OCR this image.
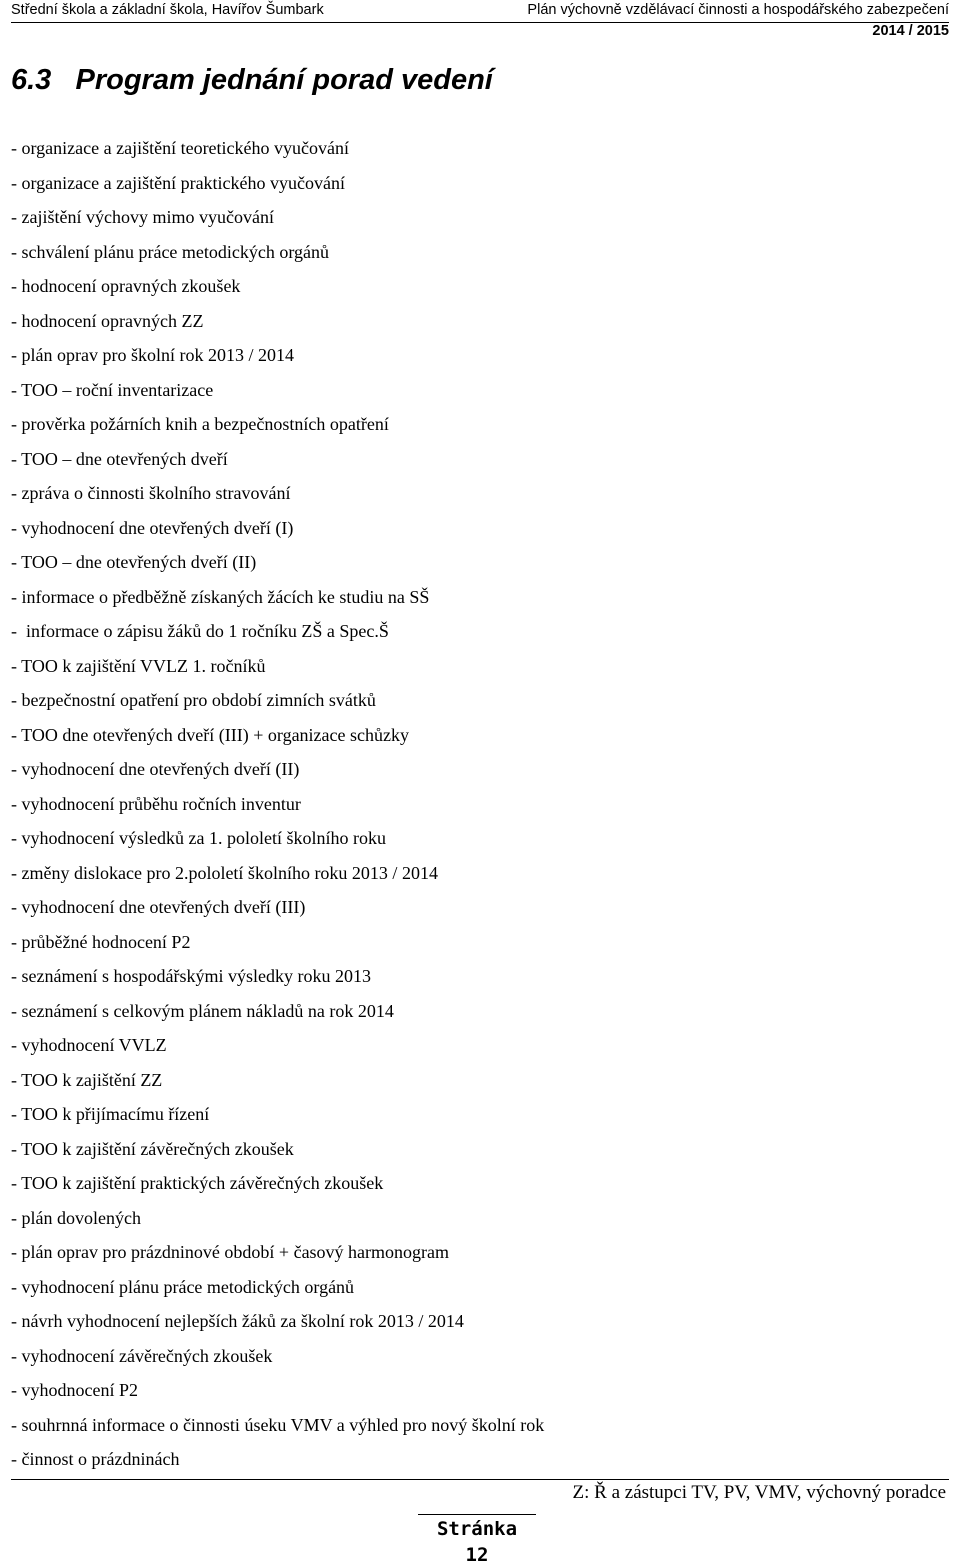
Střední škola a základní škola, Havířov Šumbark	Plán výchovně vzdělávací činnosti a hospodářského zabezpečení
2014 / 2015
6.3   Program jednání porad vedení
- organizace a zajištění teoretického vyučování
- organizace a zajištění praktického vyučování
- zajištění výchovy mimo vyučování
- schválení plánu práce metodických orgánů
- hodnocení opravných zkoušek
- hodnocení opravných ZZ
- plán oprav pro školní rok 2013 / 2014
- TOO – roční inventarizace
- prověrka požárních knih a bezpečnostních opatření
- TOO – dne otevřených dveří
- zpráva o činnosti školního stravování
- vyhodnocení dne otevřených dveří (I)
- TOO – dne otevřených dveří (II)
- informace o předběžně získaných žácích ke studiu na SŠ
-  informace o zápisu žáků do 1 ročníku ZŠ a Spec.Š
- TOO k zajištění VVLZ 1. ročníků
- bezpečnostní opatření pro období zimních svátků
- TOO dne otevřených dveří (III) + organizace schůzky
- vyhodnocení dne otevřených dveří (II)
- vyhodnocení průběhu ročních inventur
- vyhodnocení výsledků za 1. pololetí školního roku
- změny dislokace pro 2.pololetí školního roku 2013 / 2014
- vyhodnocení dne otevřených dveří (III)
- průběžné hodnocení P2
- seznámení s hospodářskými výsledky roku 2013
- seznámení s celkovým plánem nákladů na rok 2014
- vyhodnocení VVLZ
- TOO k zajištění ZZ
- TOO k přijímacímu řízení
- TOO k zajištění závěrečných zkoušek
- TOO k zajištění praktických závěrečných zkoušek
- plán dovolených
- plán oprav pro prázdninové období + časový harmonogram
- vyhodnocení plánu práce metodických orgánů
- návrh vyhodnocení nejlepších žáků za školní rok 2013 / 2014
- vyhodnocení závěrečných zkoušek
- vyhodnocení P2
- souhrnná informace o činnosti úseku VMV a výhled pro nový školní rok
- činnost o prázdninách
Z: Ř a zástupci TV, PV, VMV, výchovný poradce
Stránka
12
